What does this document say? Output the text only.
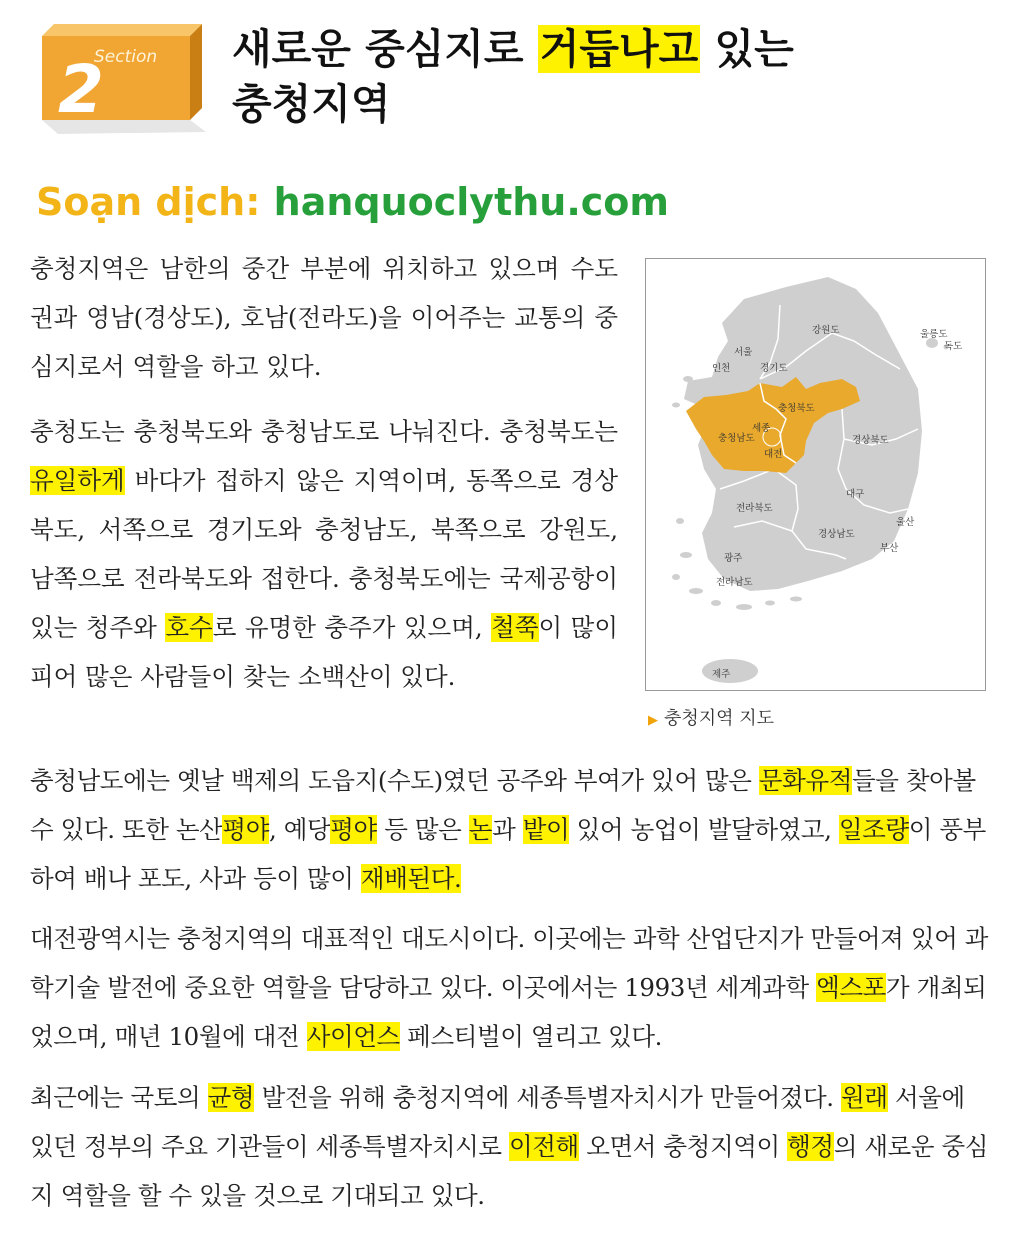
Section
2
새로운 중심지로 거듭나고 있는
충청지역
Soạn dịch: hanquoclythu.com

충청지역은 남한의 중간 부분에 위치하고 있으며 수도권과 영남(경상도), 호남(전라도)을 이어주는 교통의 중심지로서 역할을 하고 있다.

충청도는 충청북도와 충청남도로 나눠진다. 충청북도는 유일하게 바다가 접하지 않은 지역이며, 동쪽으로 경상북도, 서쪽으로 경기도와 충청남도, 북쪽으로 강원도, 남쪽으로 전라북도와 접한다. 충청북도에는 국제공항이 있는 청주와 호수로 유명한 충주가 있으며, 철쭉이 많이 피어 많은 사람들이 찾는 소백산이 있다.

강원도	울릉도
독도
서울
인천	경기도
충청북도
충청남도
세종
대전
경상북도
대구
전라북도
울산
경상남도
부산
광주
전라남도
제주
▶ 충청지역 지도

충청남도에는 옛날 백제의 도읍지(수도)였던 공주와 부여가 있어 많은 문화유적들을 찾아볼 수 있다. 또한 논산평야, 예당평야 등 많은 논과 밭이 있어 농업이 발달하였고, 일조량이 풍부하여 배나 포도, 사과 등이 많이 재배된다.

대전광역시는 충청지역의 대표적인 대도시이다. 이곳에는 과학 산업단지가 만들어져 있어 과학기술 발전에 중요한 역할을 담당하고 있다. 이곳에서는 1993년 세계과학 엑스포가 개최되었으며, 매년 10월에 대전 사이언스 페스티벌이 열리고 있다.

최근에는 국토의 균형 발전을 위해 충청지역에 세종특별자치시가 만들어졌다. 원래 서울에 있던 정부의 주요 기관들이 세종특별자치시로 이전해 오면서 충청지역이 행정의 새로운 중심지 역할을 할 수 있을 것으로 기대되고 있다.
